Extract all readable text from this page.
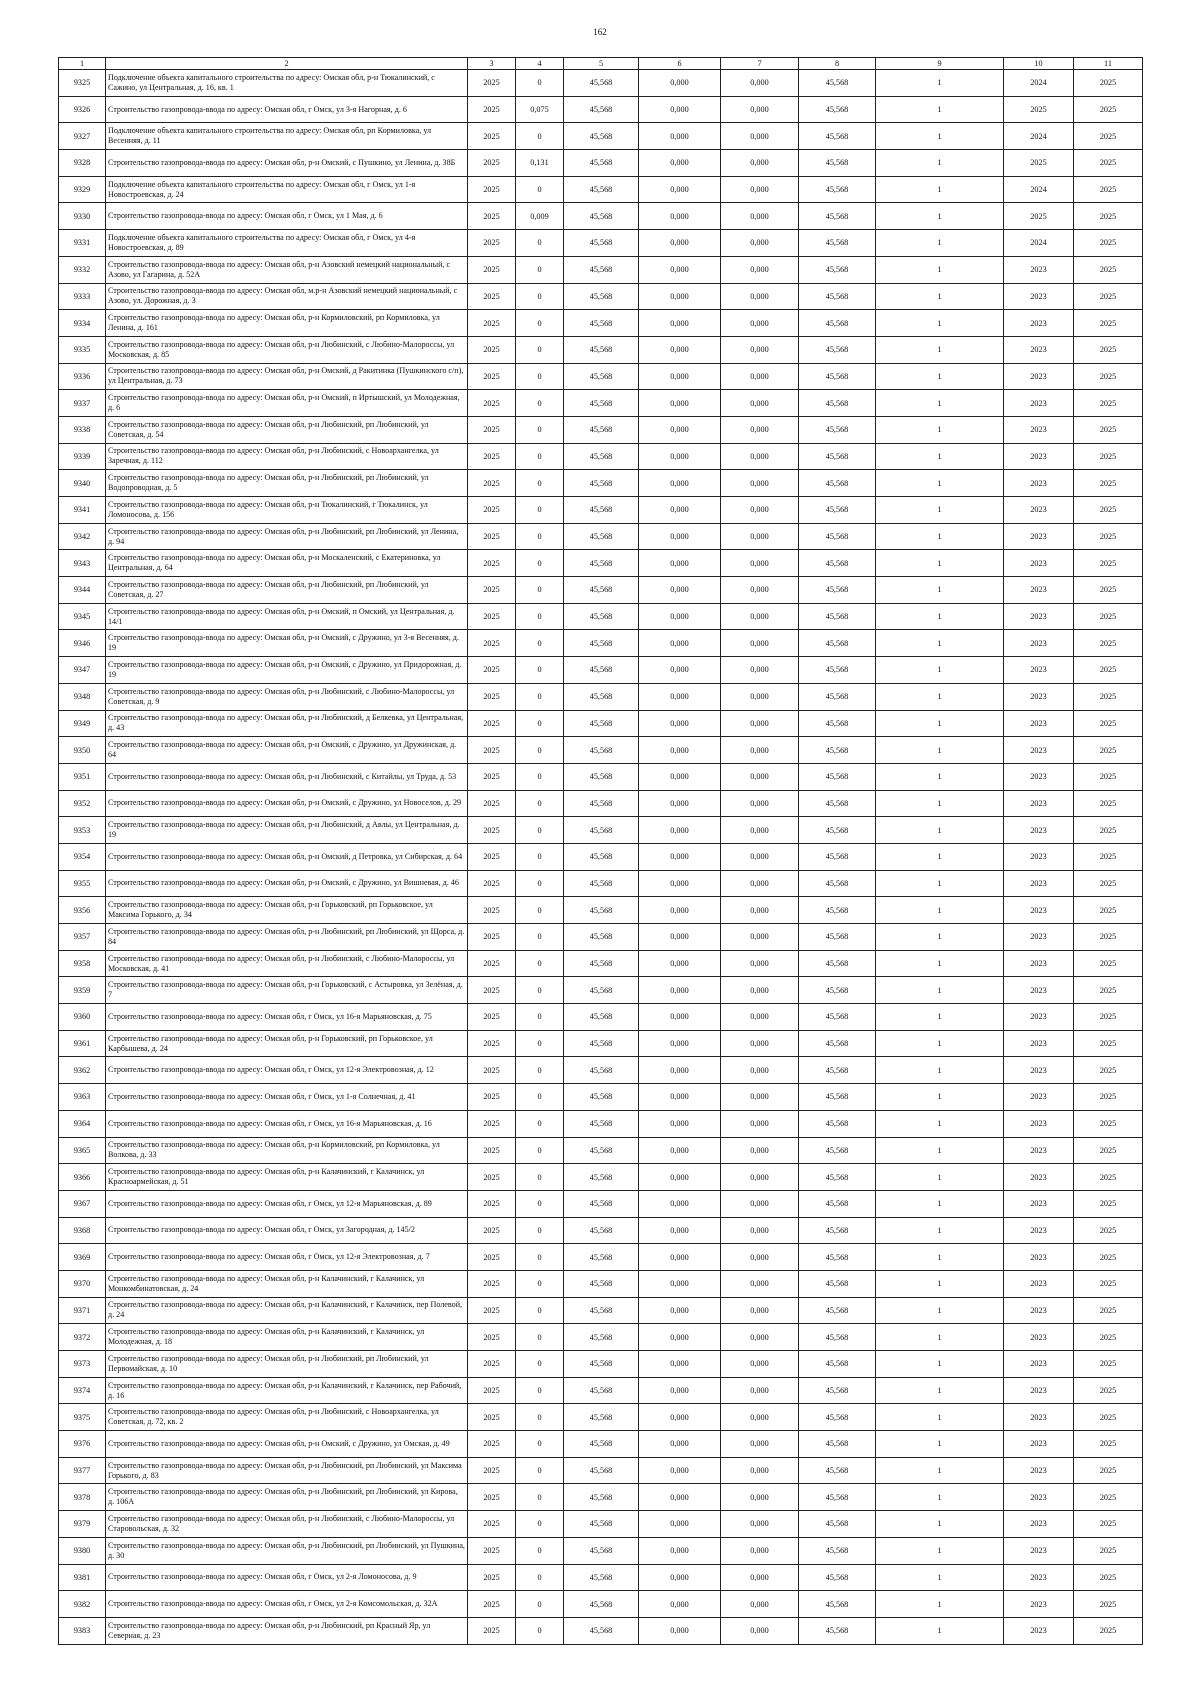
162
1	2	3	4	5	6	7	8	9	10	11
9325	Подключение объекта капитального строительства по адресу: Омская обл, р-н Тюкалинский, с Сажино, ул Центральная, д. 16, кв. 1	2025	0	45,568	0,000	0,000	45,568	1	2024	2025
9326	Строительство газопровода-ввода по адресу: Омская обл, г Омск, ул 3-я Нагорная, д. 6	2025	0,075	45,568	0,000	0,000	45,568	1	2025	2025
9327	Подключение объекта капитального строительства по адресу: Омская обл, рп Кормиловка, ул Весенняя, д. 11	2025	0	45,568	0,000	0,000	45,568	1	2024	2025
9328	Строительство газопровода-ввода по адресу: Омская обл, р-н Омский, с Пушкино, ул Ленина, д. 38Б	2025	0,131	45,568	0,000	0,000	45,568	1	2025	2025
9329	Подключение объекта капитального строительства по адресу: Омская обл, г Омск, ул 1-я Новостроевская, д. 24	2025	0	45,568	0,000	0,000	45,568	1	2024	2025
9330	Строительство газопровода-ввода по адресу: Омская обл, г Омск, ул 1 Мая, д. 6	2025	0,009	45,568	0,000	0,000	45,568	1	2025	2025
9331	Подключение объекта капитального строительства по адресу: Омская обл, г Омск, ул 4-я Новостроевская, д. 89	2025	0	45,568	0,000	0,000	45,568	1	2024	2025
9332	Строительство газопровода-ввода по адресу: Омская обл, р-н Азовский немецкий национальный, с Азово, ул Гагарина, д. 52А	2025	0	45,568	0,000	0,000	45,568	1	2023	2025
9333	Строительство газопровода-ввода по адресу: Омская обл, м.р-н Азовский немецкий национальный, с Азово, ул. Дорожная, д. 3	2025	0	45,568	0,000	0,000	45,568	1	2023	2025
9334	Строительство газопровода-ввода по адресу: Омская обл, р-н Кормиловский, рп Кормиловка, ул Ленина, д. 161	2025	0	45,568	0,000	0,000	45,568	1	2023	2025
9335	Строительство газопровода-ввода по адресу: Омская обл, р-н Любинский, с Любино-Малороссы, ул Московская, д. 85	2025	0	45,568	0,000	0,000	45,568	1	2023	2025
9336	Строительство газопровода-ввода по адресу: Омская обл, р-н Омский, д Ракитинка (Пушкинского с/п), ул Центральная, д. 73	2025	0	45,568	0,000	0,000	45,568	1	2023	2025
9337	Строительство газопровода-ввода по адресу: Омская обл, р-н Омский, п Иртышский, ул Молодежная, д. 6	2025	0	45,568	0,000	0,000	45,568	1	2023	2025
9338	Строительство газопровода-ввода по адресу: Омская обл, р-н Любинский, рп Любинский, ул Советская, д. 54	2025	0	45,568	0,000	0,000	45,568	1	2023	2025
9339	Строительство газопровода-ввода по адресу: Омская обл, р-н Любинский, с Новоархангелка, ул Заречная, д. 112	2025	0	45,568	0,000	0,000	45,568	1	2023	2025
9340	Строительство газопровода-ввода по адресу: Омская обл, р-н Любинский, рп Любинский, ул Водопроводная, д. 5	2025	0	45,568	0,000	0,000	45,568	1	2023	2025
9341	Строительство газопровода-ввода по адресу: Омская обл, р-н Тюкалинский, г Тюкалинск, ул Ломоносова, д. 156	2025	0	45,568	0,000	0,000	45,568	1	2023	2025
9342	Строительство газопровода-ввода по адресу: Омская обл, р-н Любинский, рп Любинский, ул Ленина, д. 94	2025	0	45,568	0,000	0,000	45,568	1	2023	2025
9343	Строительство газопровода-ввода по адресу: Омская обл, р-н Москаленский, с Екатериновка, ул Центральная, д. 64	2025	0	45,568	0,000	0,000	45,568	1	2023	2025
9344	Строительство газопровода-ввода по адресу: Омская обл, р-н Любинский, рп Любинский, ул Советская, д. 27	2025	0	45,568	0,000	0,000	45,568	1	2023	2025
9345	Строительство газопровода-ввода по адресу: Омская обл, р-н Омский, п Омский, ул Центральная, д. 14/1	2025	0	45,568	0,000	0,000	45,568	1	2023	2025
9346	Строительство газопровода-ввода по адресу: Омская обл, р-н Омский, с Дружино, ул 3-я Весенняя, д. 19	2025	0	45,568	0,000	0,000	45,568	1	2023	2025
9347	Строительство газопровода-ввода по адресу: Омская обл, р-н Омский, с Дружино, ул Придорожная, д. 19	2025	0	45,568	0,000	0,000	45,568	1	2023	2025
9348	Строительство газопровода-ввода по адресу: Омская обл, р-н Любинский, с Любино-Малороссы, ул Советская, д. 9	2025	0	45,568	0,000	0,000	45,568	1	2023	2025
9349	Строительство газопровода-ввода по адресу: Омская обл, р-н Любинский, д Белкевка, ул Центральная, д. 43	2025	0	45,568	0,000	0,000	45,568	1	2023	2025
9350	Строительство газопровода-ввода по адресу: Омская обл, р-н Омский, с Дружино, ул Дружинская, д. 64	2025	0	45,568	0,000	0,000	45,568	1	2023	2025
9351	Строительство газопровода-ввода по адресу: Омская обл, р-н Любинский, с Китайлы, ул Труда, д. 53	2025	0	45,568	0,000	0,000	45,568	1	2023	2025
9352	Строительство газопровода-ввода по адресу: Омская обл, р-н Омский, с Дружино, ул Новоселов, д. 29	2025	0	45,568	0,000	0,000	45,568	1	2023	2025
9353	Строительство газопровода-ввода по адресу: Омская обл, р-н Любинский, д Авлы, ул Центральная, д. 19	2025	0	45,568	0,000	0,000	45,568	1	2023	2025
9354	Строительство газопровода-ввода по адресу: Омская обл, р-н Омский, д Петровка, ул Сибирская, д. 64	2025	0	45,568	0,000	0,000	45,568	1	2023	2025
9355	Строительство газопровода-ввода по адресу: Омская обл, р-н Омский, с Дружино, ул Вишневая, д. 46	2025	0	45,568	0,000	0,000	45,568	1	2023	2025
9356	Строительство газопровода-ввода по адресу: Омская обл, р-н Горьковский, рп Горьковское, ул Максима Горького, д. 34	2025	0	45,568	0,000	0,000	45,568	1	2023	2025
9357	Строительство газопровода-ввода по адресу: Омская обл, р-н Любинский, рп Любинский, ул Щорса, д. 84	2025	0	45,568	0,000	0,000	45,568	1	2023	2025
9358	Строительство газопровода-ввода по адресу: Омская обл, р-н Любинский, с Любино-Малороссы, ул Московская, д. 41	2025	0	45,568	0,000	0,000	45,568	1	2023	2025
9359	Строительство газопровода-ввода по адресу: Омская обл, р-н Горьковский, с Астыровка, ул Зелёная, д. 7	2025	0	45,568	0,000	0,000	45,568	1	2023	2025
9360	Строительство газопровода-ввода по адресу: Омская обл, г Омск, ул 16-я Марьяновская, д. 75	2025	0	45,568	0,000	0,000	45,568	1	2023	2025
9361	Строительство газопровода-ввода по адресу: Омская обл, р-н Горьковский, рп Горьковское, ул Карбышева, д. 24	2025	0	45,568	0,000	0,000	45,568	1	2023	2025
9362	Строительство газопровода-ввода по адресу: Омская обл, г Омск, ул 12-я Электровозная, д. 12	2025	0	45,568	0,000	0,000	45,568	1	2023	2025
9363	Строительство газопровода-ввода по адресу: Омская обл, г Омск, ул 1-я Солнечная, д. 41	2025	0	45,568	0,000	0,000	45,568	1	2023	2025
9364	Строительство газопровода-ввода по адресу: Омская обл, г Омск, ул 16-я Марьяновская, д. 16	2025	0	45,568	0,000	0,000	45,568	1	2023	2025
9365	Строительство газопровода-ввода по адресу: Омская обл, р-н Кормиловский, рп Кормиловка, ул Волкова, д. 33	2025	0	45,568	0,000	0,000	45,568	1	2023	2025
9366	Строительство газопровода-ввода по адресу: Омская обл, р-н Калачинский, г Калачинск, ул Красноармейская, д. 51	2025	0	45,568	0,000	0,000	45,568	1	2023	2025
9367	Строительство газопровода-ввода по адресу: Омская обл, г Омск, ул 12-я Марьяновская, д. 89	2025	0	45,568	0,000	0,000	45,568	1	2023	2025
9368	Строительство газопровода-ввода по адресу: Омская обл, г Омск, ул Загородная, д. 145/2	2025	0	45,568	0,000	0,000	45,568	1	2023	2025
9369	Строительство газопровода-ввода по адресу: Омская обл, г Омск, ул 12-я Электровозная, д. 7	2025	0	45,568	0,000	0,000	45,568	1	2023	2025
9370	Строительство газопровода-ввода по адресу: Омская обл, р-н Калачинский, г Калачинск, ул Монкомбинатовская, д. 24	2025	0	45,568	0,000	0,000	45,568	1	2023	2025
9371	Строительство газопровода-ввода по адресу: Омская обл, р-н Калачинский, г Калачинск, пер Полевой, д. 24	2025	0	45,568	0,000	0,000	45,568	1	2023	2025
9372	Строительство газопровода-ввода по адресу: Омская обл, р-н Калачинский, г Калачинск, ул Молодежная, д. 18	2025	0	45,568	0,000	0,000	45,568	1	2023	2025
9373	Строительство газопровода-ввода по адресу: Омская обл, р-н Любинский, рп Любинский, ул Первомайская, д. 10	2025	0	45,568	0,000	0,000	45,568	1	2023	2025
9374	Строительство газопровода-ввода по адресу: Омская обл, р-н Калачинский, г Калачинск, пер Рабочий, д. 16	2025	0	45,568	0,000	0,000	45,568	1	2023	2025
9375	Строительство газопровода-ввода по адресу: Омская обл, р-н Любинский, с Новоархангелка, ул Советская, д. 72, кв. 2	2025	0	45,568	0,000	0,000	45,568	1	2023	2025
9376	Строительство газопровода-ввода по адресу: Омская обл, р-н Омский, с Дружино, ул Омская, д. 49	2025	0	45,568	0,000	0,000	45,568	1	2023	2025
9377	Строительство газопровода-ввода по адресу: Омская обл, р-н Любинский, рп Любинский, ул Максима Горького, д. 83	2025	0	45,568	0,000	0,000	45,568	1	2023	2025
9378	Строительство газопровода-ввода по адресу: Омская обл, р-н Любинский, рп Любинский, ул Кирова, д. 106А	2025	0	45,568	0,000	0,000	45,568	1	2023	2025
9379	Строительство газопровода-ввода по адресу: Омская обл, р-н Любинский, с Любино-Малороссы, ул Стаpoвольская, д. 32	2025	0	45,568	0,000	0,000	45,568	1	2023	2025
9380	Строительство газопровода-ввода по адресу: Омская обл, р-н Любинский, рп Любинский, ул Пушкина, д. 30	2025	0	45,568	0,000	0,000	45,568	1	2023	2025
9381	Строительство газопровода-ввода по адресу: Омская обл, г Омск, ул 2-я Ломоносова, д. 9	2025	0	45,568	0,000	0,000	45,568	1	2023	2025
9382	Строительство газопровода-ввода по адресу: Омская обл, г Омск, ул 2-я Комсомольская, д. 32А	2025	0	45,568	0,000	0,000	45,568	1	2023	2025
9383	Строительство газопровода-ввода по адресу: Омская обл, р-н Любинский, рп Красный Яр, ул Северная, д. 23	2025	0	45,568	0,000	0,000	45,568	1	2023	2025
